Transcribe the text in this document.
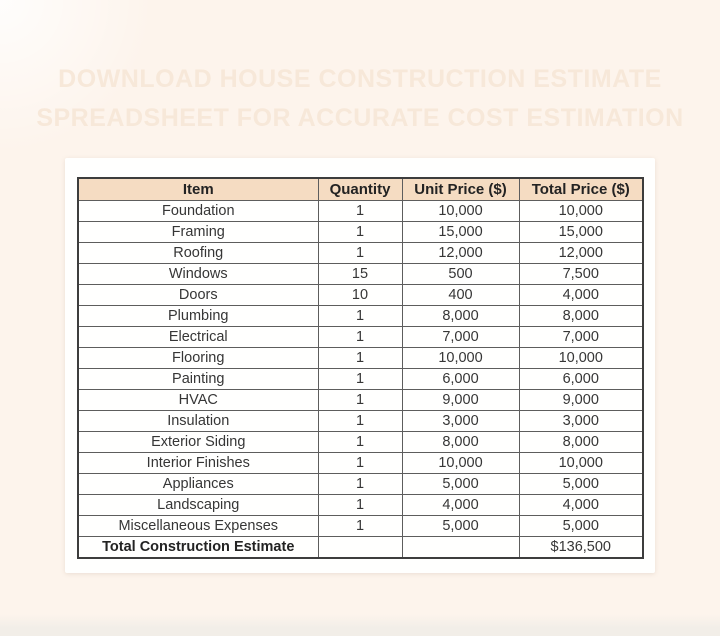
DOWNLOAD HOUSE CONSTRUCTION ESTIMATE
SPREADSHEET FOR ACCURATE COST ESTIMATION
Item	Quantity	Unit Price ($)	Total Price ($)
Foundation	1	10,000	10,000
Framing	1	15,000	15,000
Roofing	1	12,000	12,000
Windows	15	500	7,500
Doors	10	400	4,000
Plumbing	1	8,000	8,000
Electrical	1	7,000	7,000
Flooring	1	10,000	10,000
Painting	1	6,000	6,000
HVAC	1	9,000	9,000
Insulation	1	3,000	3,000
Exterior Siding	1	8,000	8,000
Interior Finishes	1	10,000	10,000
Appliances	1	5,000	5,000
Landscaping	1	4,000	4,000
Miscellaneous Expenses	1	5,000	5,000
Total Construction Estimate			$136,500
